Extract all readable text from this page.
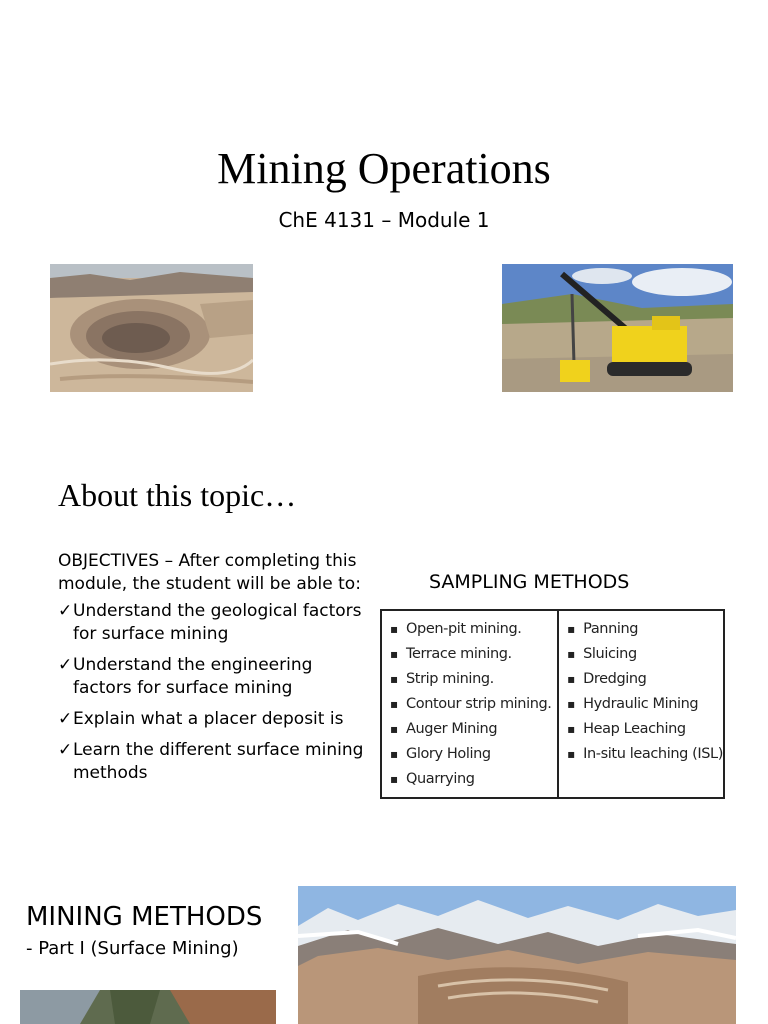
Mining Operations
ChE 4131 – Module 1
About this topic…
OBJECTIVES – After completing this module, the student will be able to:
✓ Understand the geological factors for surface mining
✓ Understand the engineering factors for surface mining
✓ Explain what a placer deposit is
✓ Learn the different surface mining methods
SAMPLING METHODS
▪ Open-pit mining.
▪ Terrace mining.
▪ Strip mining.
▪ Contour strip mining.
▪ Auger Mining
▪ Glory Holing
▪ Quarrying
▪ Panning
▪ Sluicing
▪ Dredging
▪ Hydraulic Mining
▪ Heap Leaching
▪ In-situ leaching (ISL)
MINING METHODS
- Part I (Surface Mining)
